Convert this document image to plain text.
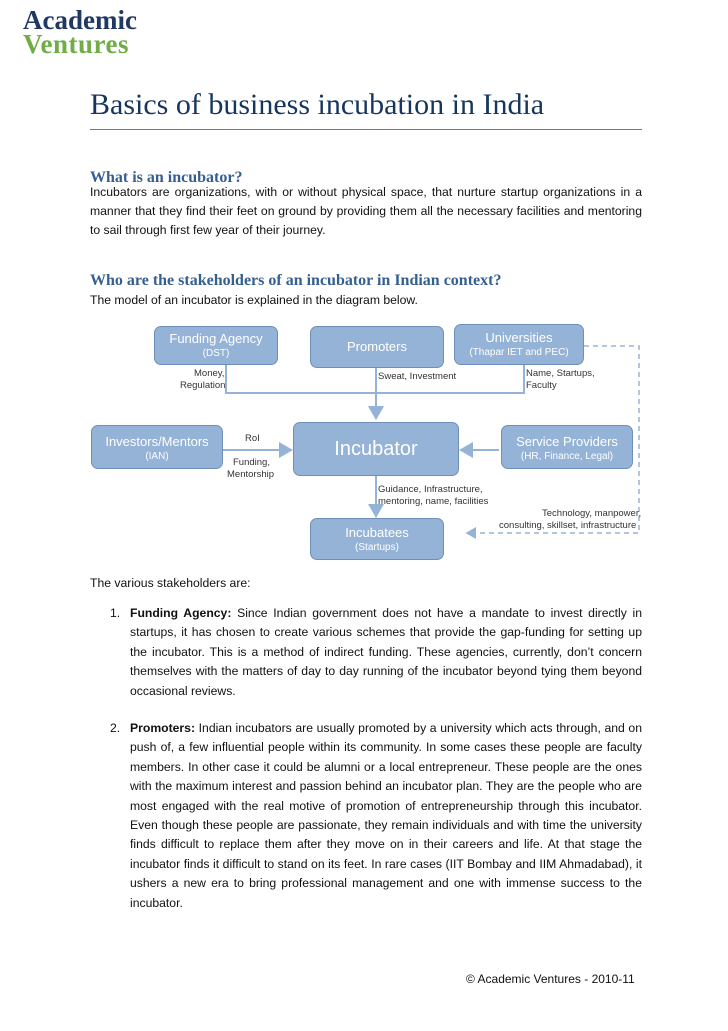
Academic
Ventures
Basics of business incubation in India
What is an incubator?

Incubators are organizations, with or without physical space, that nurture startup organizations in a manner that they find their feet on ground by providing them all the necessary facilities and mentoring to sail through first few year of their journey.

Who are the stakeholders of an incubator in Indian context?

The model of an incubator is explained in the diagram below.

Funding Agency
(DST)	Promoters
Universities
(Thapar IET and PEC)
Investors/Mentors
(IAN)	Incubator	Service Providers
(HR, Finance, Legal)
Incubatees
(Startups)
Money,
Regulation
Sweat, Investment	Name, Startups,
Faculty
RoI
Funding,
Mentorship
Guidance, Infrastructure,
mentoring, name, facilities
Technology, manpower,
consulting, skillset, infrastructure

The various stakeholders are:

1. Funding Agency: Since Indian government does not have a mandate to invest directly in startups, it has chosen to create various schemes that provide the gap-funding for setting up the incubator. This is a method of indirect funding. These agencies, currently, don’t concern themselves with the matters of day to day running of the incubator beyond tying them beyond occasional reviews.
2. Promoters: Indian incubators are usually promoted by a university which acts through, and on push of, a few influential people within its community. In some cases these people are faculty members. In other case it could be alumni or a local entrepreneur. These people are the ones with the maximum interest and passion behind an incubator plan. They are the people who are most engaged with the real motive of promotion of entrepreneurship through this incubator. Even though these people are passionate, they remain individuals and with time the university finds difficult to replace them after they move on in their careers and life. At that stage the incubator finds it difficult to stand on its feet. In rare cases (IIT Bombay and IIM Ahmadabad), it ushers a new era to bring professional management and one with immense success to the incubator.
© Academic Ventures - 2010-11
